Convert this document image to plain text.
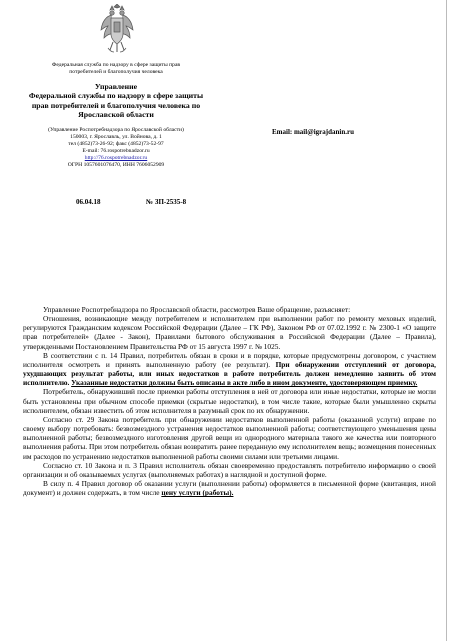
Федеральная служба по надзору в сфере защиты прав
потребителей и благополучия человека
Управление
Федеральной службы по надзору в сфере защиты
прав потребителей и благополучия человека по
Ярославской области
(Управление Роспотребнадзора по Ярославской области)
150003, г. Ярославль, ул. Войнова, д. 1
тел (4852)73-26-92; факс (4852)73-52-97
E-mail: 76.rospotrebnadzor.ru
http://76.rospotrebnadzor.ru
ОГРН 1057601076470, ИНН 7606052909
Email: mail@igrajdanin.ru
06.04.18	№ ЗП-2535-8

Управление Роспотребнадзора по Ярославской области, рассмотрев Ваше обращение, разъясняет:

Отношения, возникающие между потребителем и исполнителем при выполнении работ по ремонту меховых изделий, регулируются Гражданским кодексом Российской Федерации (Далее – ГК РФ), Законом РФ от 07.02.1992 г. № 2300-1 «О защите прав потребителей» (Далее - Закон), Правилами бытового обслуживания в Российской Федерации (Далее – Правила), утвержденными Постановлением Правительства РФ от 15 августа 1997 г. № 1025.

В соответствии с п. 14 Правил, потребитель обязан в сроки и в порядке, которые предусмотрены договором, с участием исполнителя осмотреть и принять выполненную работу (ее результат). При обнаружении отступлений от договора, ухудшающих результат работы, или иных недостатков в работе потребитель должен немедленно заявить об этом исполнителю. Указанные недостатки должны быть описаны в акте либо в ином документе, удостоверяющем приемку.

Потребитель, обнаруживший после приемки работы отступления в ней от договора или иные недостатки, которые не могли быть установлены при обычном способе приемки (скрытые недостатки), в том числе такие, которые были умышленно скрыты исполнителем, обязан известить об этом исполнителя в разумный срок по их обнаружении.

Согласно ст. 29 Закона потребитель при обнаружении недостатков выполненной работы (оказанной услуги) вправе по своему выбору потребовать: безвозмездного устранения недостатков выполненной работы; соответствующего уменьшения цены выполненной работы; безвозмездного изготовления другой вещи из однородного материала такого же качества или повторного выполнения работы. При этом потребитель обязан возвратить ранее переданную ему исполнителем вещь; возмещения понесенных им расходов по устранению недостатков выполненной работы своими силами или третьими лицами.

Согласно ст. 10 Закона и п. 3 Правил исполнитель обязан своевременно предоставлять потребителю информацию о своей организации и об оказываемых услугах (выполняемых работах) в наглядной и доступной форме.

В силу п. 4 Правил договор об оказании услуги (выполнении работы) оформляется в письменной форме (квитанция, иной документ) и должен содержать, в том числе цену услуги (работы).
